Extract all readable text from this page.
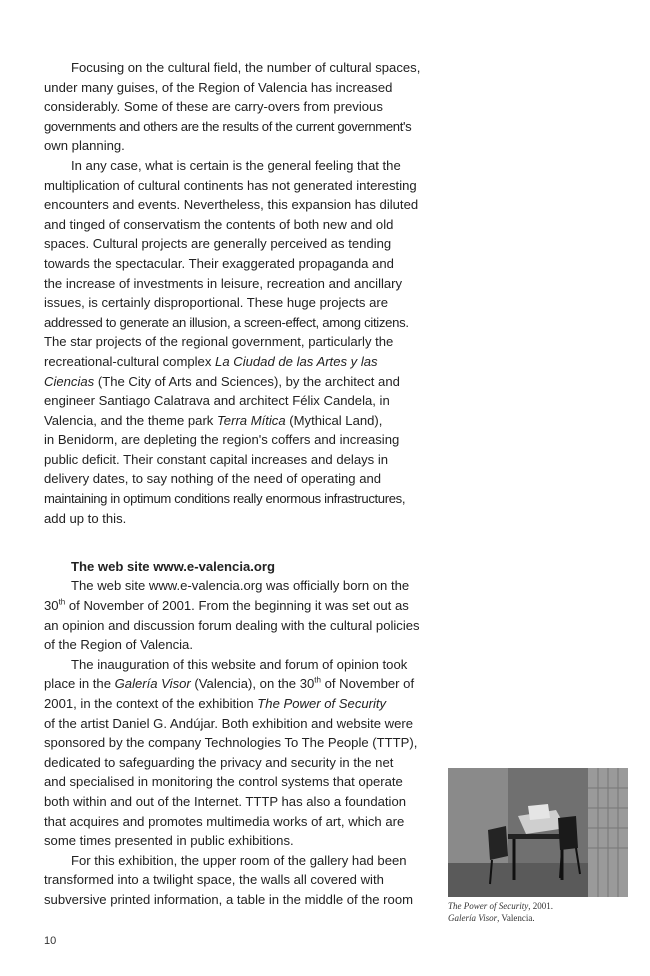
Focusing on the cultural field, the number of cultural spaces,
under many guises, of the Region of Valencia has increased
considerably. Some of these are carry-overs from previous
governments and others are the results of the current government's
own planning.
In any case, what is certain is the general feeling that the
multiplication of cultural continents has not generated interesting
encounters and events. Nevertheless, this expansion has diluted
and tinged of conservatism the contents of both new and old
spaces. Cultural projects are generally perceived as tending
towards the spectacular. Their exaggerated propaganda and
the increase of investments in leisure, recreation and ancillary
issues, is certainly disproportional. These huge projects are
addressed to generate an illusion, a screen-effect, among citizens.
The star projects of the regional government, particularly the
recreational-cultural complex La Ciudad de las Artes y las
Ciencias (The City of Arts and Sciences), by the architect and
engineer Santiago Calatrava and architect Félix Candela, in
Valencia, and the theme park Terra Mítica (Mythical Land),
in Benidorm, are depleting the region's coffers and increasing
public deficit. Their constant capital increases and delays in
delivery dates, to say nothing of the need of operating and
maintaining in optimum conditions really enormous infrastructures,
add up to this.
The web site www.e-valencia.org
The web site www.e-valencia.org was officially born on the
30th of November of 2001. From the beginning it was set out as
an opinion and discussion forum dealing with the cultural policies
of the Region of Valencia.
The inauguration of this website and forum of opinion took
place in the Galería Visor (Valencia), on the 30th of November of
2001, in the context of the exhibition The Power of Security
of the artist Daniel G. Andújar. Both exhibition and website were
sponsored by the company Technologies To The People (TTTP),
dedicated to safeguarding the privacy and security in the net
and specialised in monitoring the control systems that operate
both within and out of the Internet. TTTP has also a foundation
that acquires and promotes multimedia works of art, which are
some times presented in public exhibitions.
For this exhibition, the upper room of the gallery had been
transformed into a twilight space, the walls all covered with
subversive printed information, a table in the middle of the room	The Power of Security, 2001.
Galería Visor, Valencia.
10
